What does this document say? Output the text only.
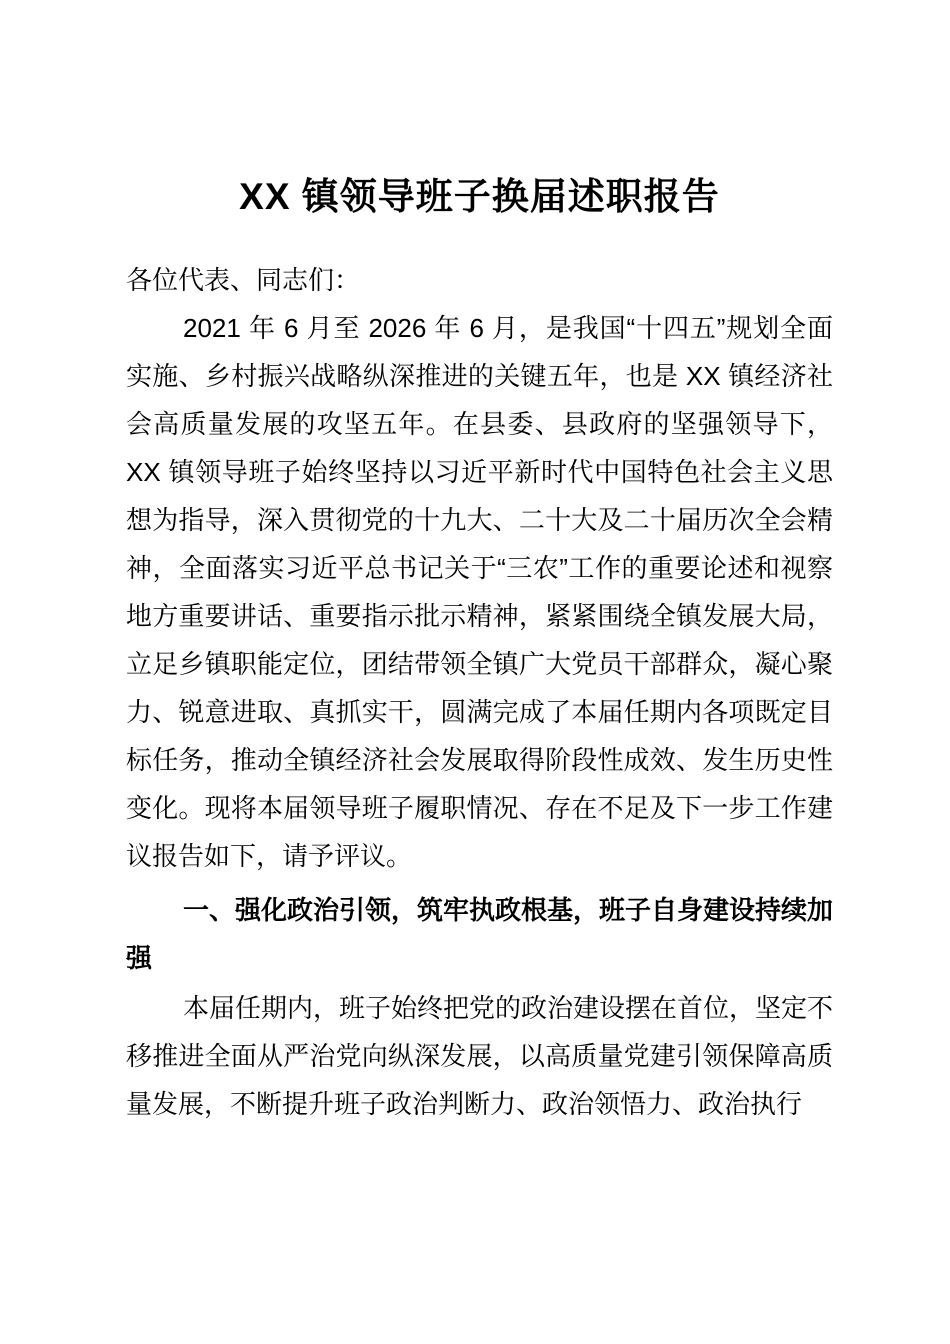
XX 镇领导班子换届述职报告

各位代表、同志们：

2021 年 6 月至 2026 年 6 月，是我国“十四五”规划全面实施、乡村振兴战略纵深推进的关键五年，也是 XX 镇经济社会高质量发展的攻坚五年。在县委、县政府的坚强领导下，XX 镇领导班子始终坚持以习近平新时代中国特色社会主义思想为指导，深入贯彻党的十九大、二十大及二十届历次全会精神，全面落实习近平总书记关于“三农”工作的重要论述和视察地方重要讲话、重要指示批示精神，紧紧围绕全镇发展大局，立足乡镇职能定位，团结带领全镇广大党员干部群众，凝心聚力、锐意进取、真抓实干，圆满完成了本届任期内各项既定目标任务，推动全镇经济社会发展取得阶段性成效、发生历史性变化。现将本届领导班子履职情况、存在不足及下一步工作建议报告如下，请予评议。

一、强化政治引领，筑牢执政根基，班子自身建设持续加强

本届任期内，班子始终把党的政治建设摆在首位，坚定不移推进全面从严治党向纵深发展，以高质量党建引领保障高质量发展，不断提升班子政治判断力、政治领悟力、政治执行
